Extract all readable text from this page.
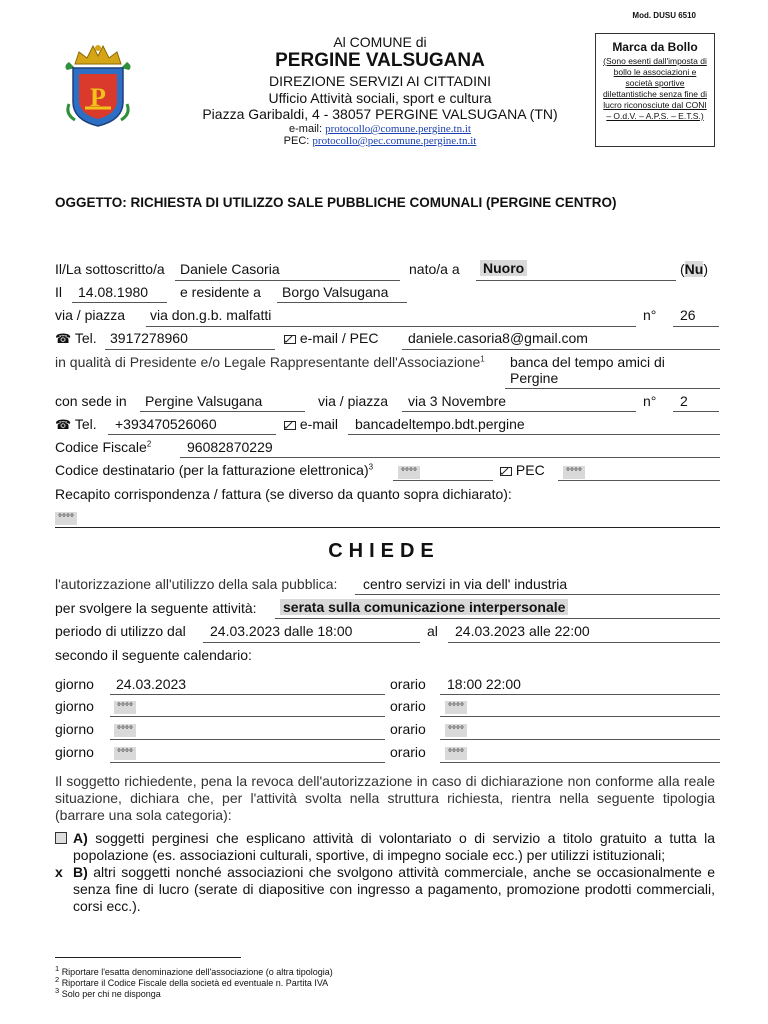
Mod. DUSU 6510
P
Al COMUNE di
PERGINE VALSUGANA
DIREZIONE SERVIZI AI CITTADINI
Ufficio Attività sociali, sport e cultura
Piazza Garibaldi, 4 - 38057 PERGINE VALSUGANA (TN)
e-mail: protocollo@comune.pergine.tn.it
PEC: protocollo@pec.comune.pergine.tn.it
Marca da Bollo
(Sono esenti dall'imposta di bollo le associazioni e società sportive dilettantistiche senza fine di lucro riconosciute dal CONI – O.d.V. – A.P.S. – E.T.S.)
OGGETTO: RICHIESTA DI UTILIZZO SALE PUBBLICHE COMUNALI (PERGINE CENTRO)
Il/La sottoscritto/a Daniele Casoria	nato/a a Nuoro	(Nu)
Il 14.08.1980 e residente a Borgo Valsugana
via / piazza via don.g.b. malfatti	n° 26
☎ Tel. 3917278960	e-mail / PEC daniele.casoria8@gmail.com
in qualità di Presidente e/o Legale Rappresentante dell'Associazione$^1$ banca del tempo amici di
Pergine
con sede in Pergine Valsugana	via / piazza via 3 Novembre	n° 2
☎ Tel. +393470526060	e-mail bancadeltempo.bdt.pergine
Codice Fiscale$^2$	96082870229
Codice destinatario (per la fatturazione elettronica)$^3$
°°°°	PEC	°°°°
Recapito corrispondenza / fattura (se diverso da quanto sopra dichiarato):
°°°°
CHIEDE
l'autorizzazione all'utilizzo della sala pubblica: centro servizi in via dell' industria
per svolgere la seguente attività: serata sulla comunicazione interpersonale
periodo di utilizzo dal 24.03.2023 dalle 18:00	al 24.03.2023 alle 22:00
secondo il seguente calendario:
giorno 24.03.2023	orario 18:00 22:00
giorno	°°°°	orario	°°°°
giorno	°°°°	orario	°°°°
giorno	°°°°	orario	°°°°
Il soggetto richiedente, pena la revoca dell'autorizzazione in caso di dichiarazione non conforme alla reale situazione, dichiara che, per l'attività svolta nella struttura richiesta, rientra nella seguente tipologia (barrare una sola categoria):
A) soggetti perginesi che esplicano attività di volontariato o di servizio a titolo gratuito a tutta la popolazione (es. associazioni culturali, sportive, di impegno sociale ecc.) per utilizzi istituzionali;
x B) altri soggetti nonché associazioni che svolgono attività commerciale, anche se occasionalmente e senza fine di lucro (serate di diapositive con ingresso a pagamento, promozione prodotti commerciali, corsi ecc.).
$^1$ Riportare l'esatta denominazione dell'associazione (o altra tipologia)
$^2$ Riportare il Codice Fiscale della società ed eventuale n. Partita IVA
$^3$ Solo per chi ne disponga
